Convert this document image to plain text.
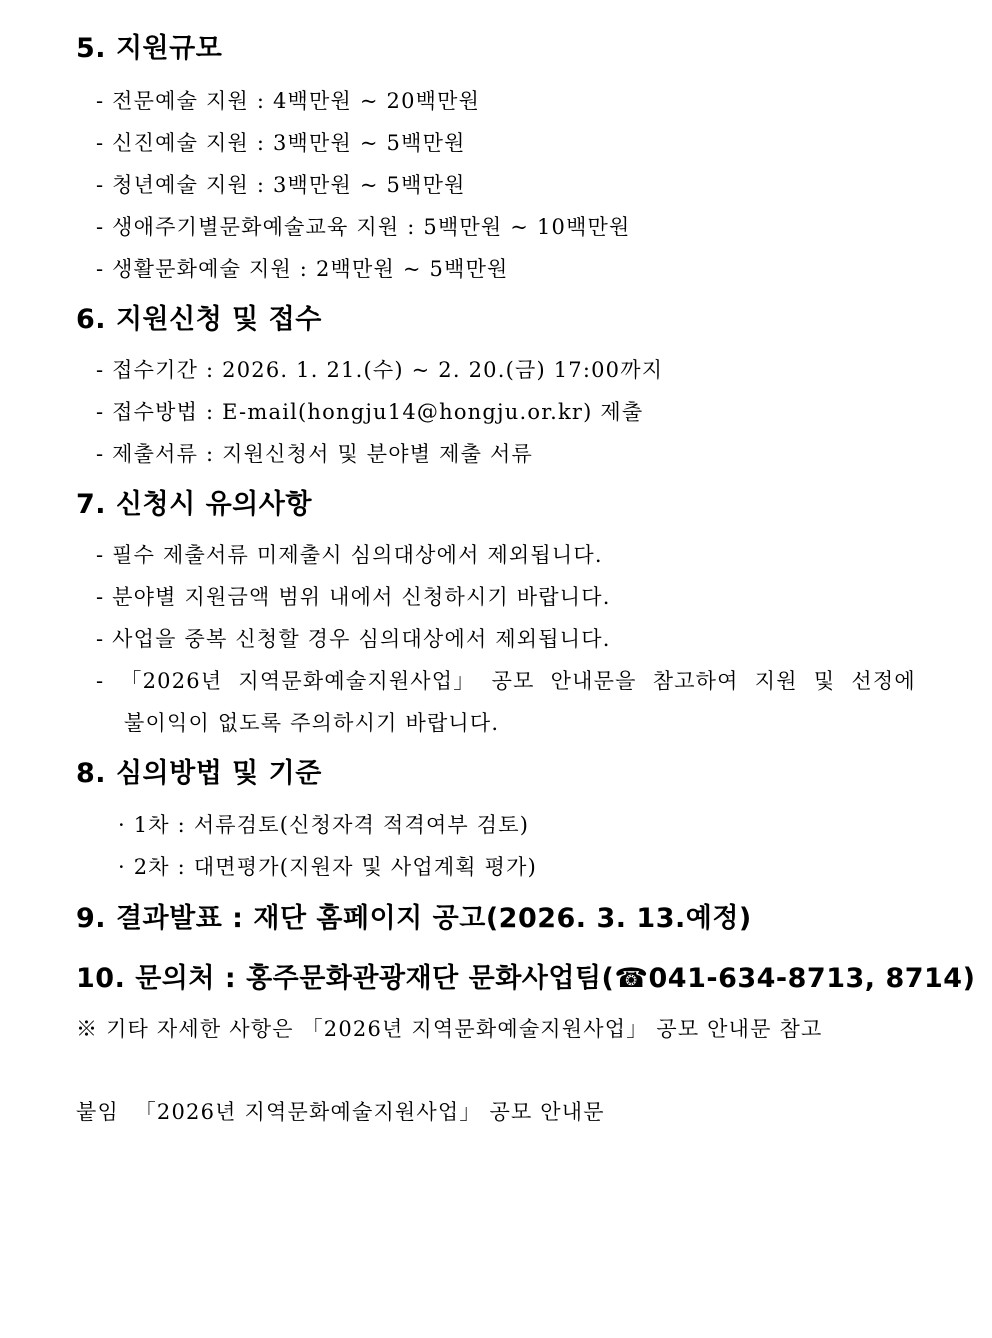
5. 지원규모
- 전문예술 지원 : 4백만원 ~ 20백만원
- 신진예술 지원 : 3백만원 ~ 5백만원
- 청년예술 지원 : 3백만원 ~ 5백만원
- 생애주기별문화예술교육 지원 : 5백만원 ~ 10백만원
- 생활문화예술 지원 : 2백만원 ~ 5백만원
6. 지원신청 및 접수
- 접수기간 : 2026. 1. 21.(수) ~ 2. 20.(금) 17:00까지
- 접수방법 : E-mail(hongju14@hongju.or.kr) 제출
- 제출서류 : 지원신청서 및 분야별 제출 서류
7. 신청시 유의사항
- 필수 제출서류 미제출시 심의대상에서 제외됩니다.
- 분야별 지원금액 범위 내에서 신청하시기 바랍니다.
- 사업을 중복 신청할 경우 심의대상에서 제외됩니다.
- 「2026년 지역문화예술지원사업」 공모 안내문을 참고하여 지원 및 선정에
불이익이 없도록 주의하시기 바랍니다.
8. 심의방법 및 기준
· 1차 : 서류검토(신청자격 적격여부 검토)
· 2차 : 대면평가(지원자 및 사업계획 평가)
9. 결과발표 : 재단 홈페이지 공고(2026. 3. 13.예정)
10. 문의처 : 홍주문화관광재단 문화사업팀(☎041-634-8713, 8714)
※ 기타 자세한 사항은 「2026년 지역문화예술지원사업」 공모 안내문 참고
붙임  「2026년 지역문화예술지원사업」 공모 안내문
